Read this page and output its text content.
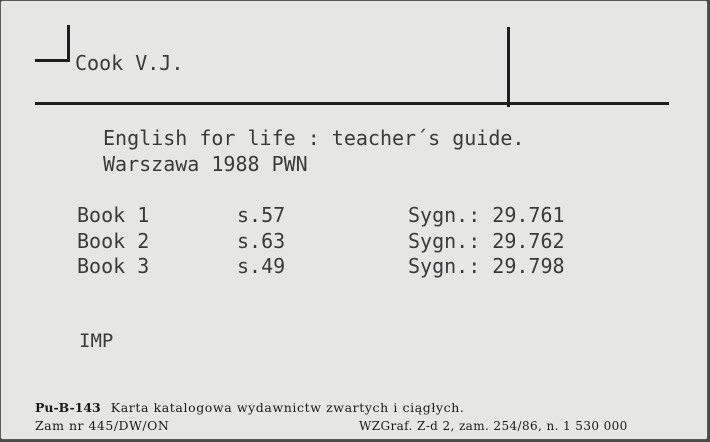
Cook V.J.
English for life : teacher´s guide.
Warszawa 1988 PWN
Book 1	s.57	Sygn.: 29.761
Book 2	s.63	Sygn.: 29.762
Book 3	s.49	Sygn.: 29.798
IMP
Pu-B-143 Karta katalogowa wydawnictw zwartych i ciągłych.
Zam nr 445/DW/ON	WZGraf. Z-d 2, zam. 254/86, n. 1 530 000
